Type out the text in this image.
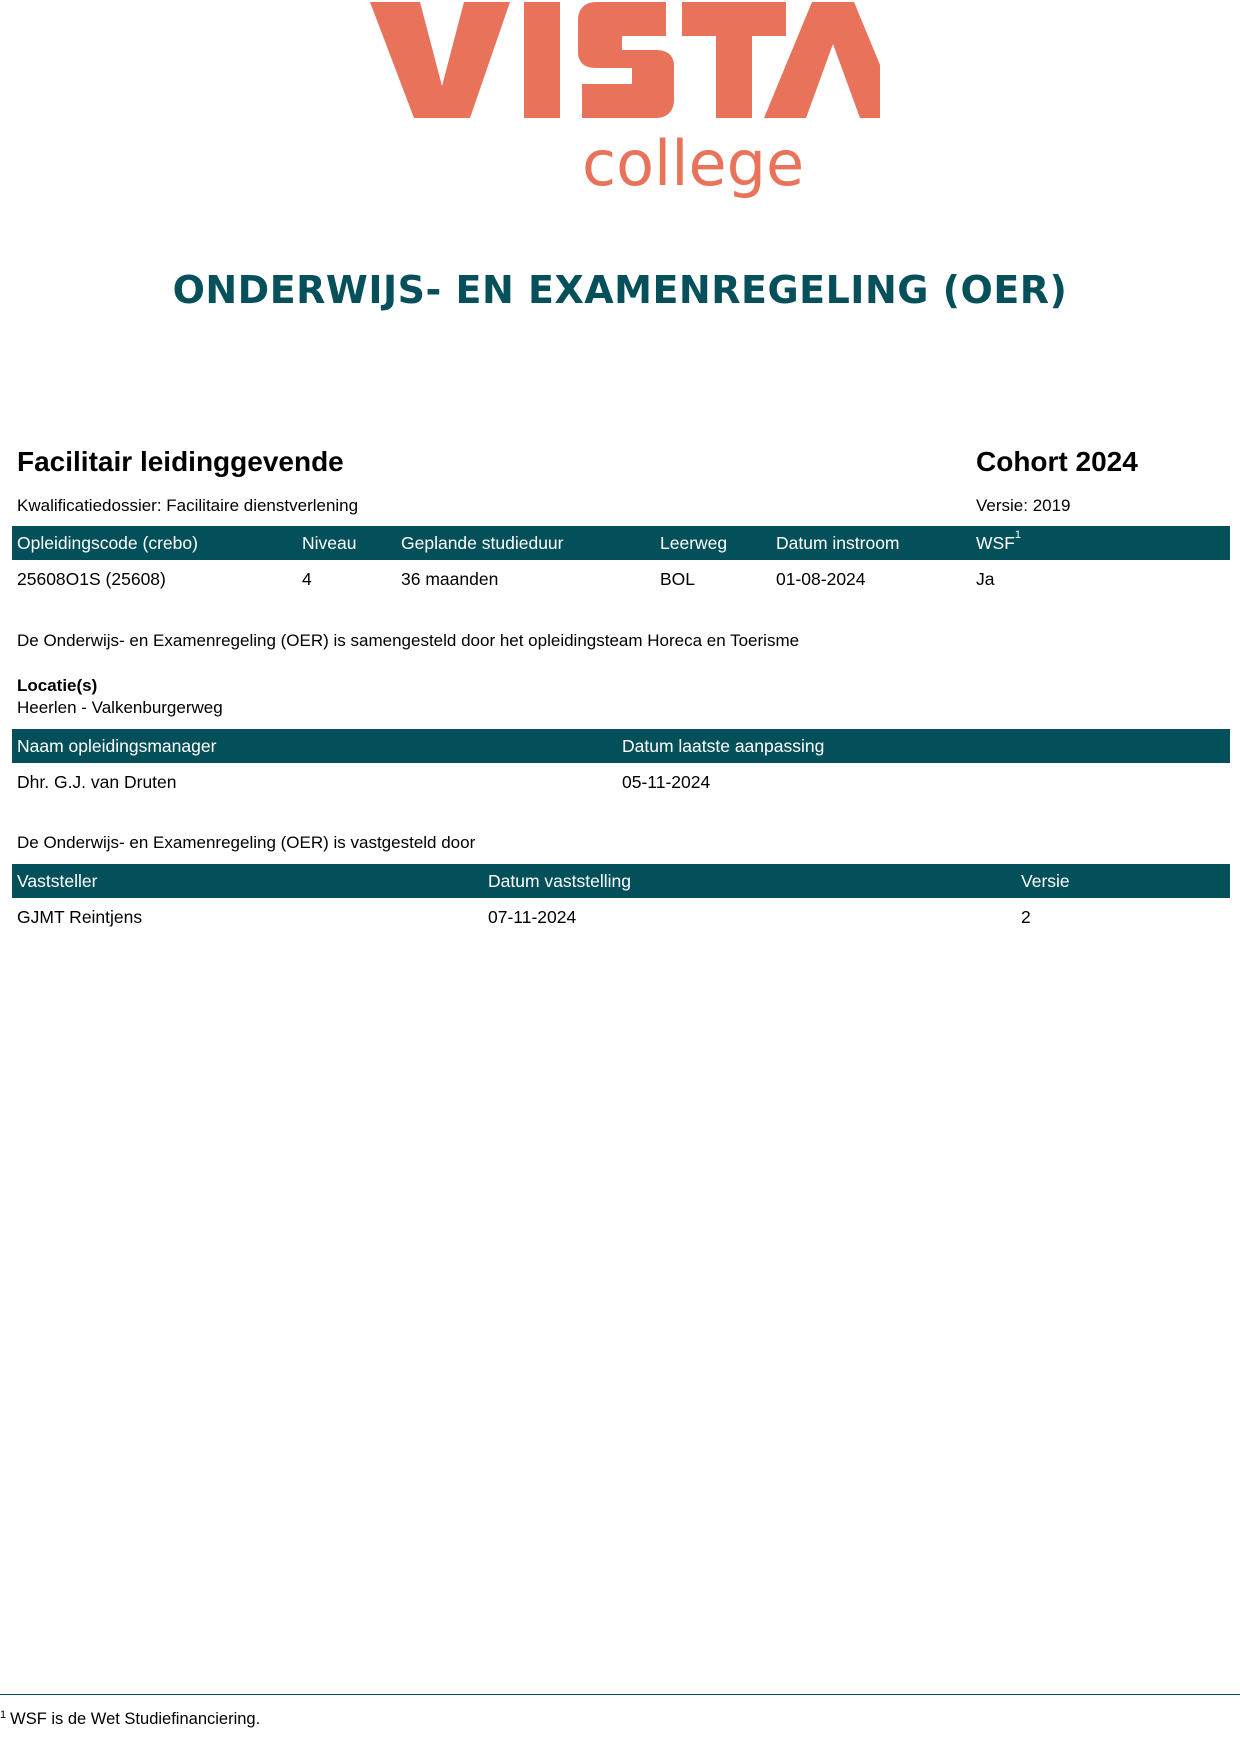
college
ONDERWIJS- EN EXAMENREGELING (OER)
Facilitair leidinggevende	Cohort 2024
Kwalificatiedossier: Facilitaire dienstverlening	Versie: 2019
Opleidingscode (crebo)	Niveau	Geplande studieduur	Leerweg	Datum instroom	WSF$^1$
25608O1S (25608)	4	36 maanden	BOL	01-08-2024	Ja
De Onderwijs- en Examenregeling (OER) is samengesteld door het opleidingsteam Horeca en Toerisme
Locatie(s)
Heerlen - Valkenburgerweg
Naam opleidingsmanager	Datum laatste aanpassing
Dhr. G.J. van Druten	05-11-2024
De Onderwijs- en Examenregeling (OER) is vastgesteld door
Vaststeller	Datum vaststelling	Versie
GJMT Reintjens	07-11-2024	2
$^1$ WSF is de Wet Studiefinanciering.
